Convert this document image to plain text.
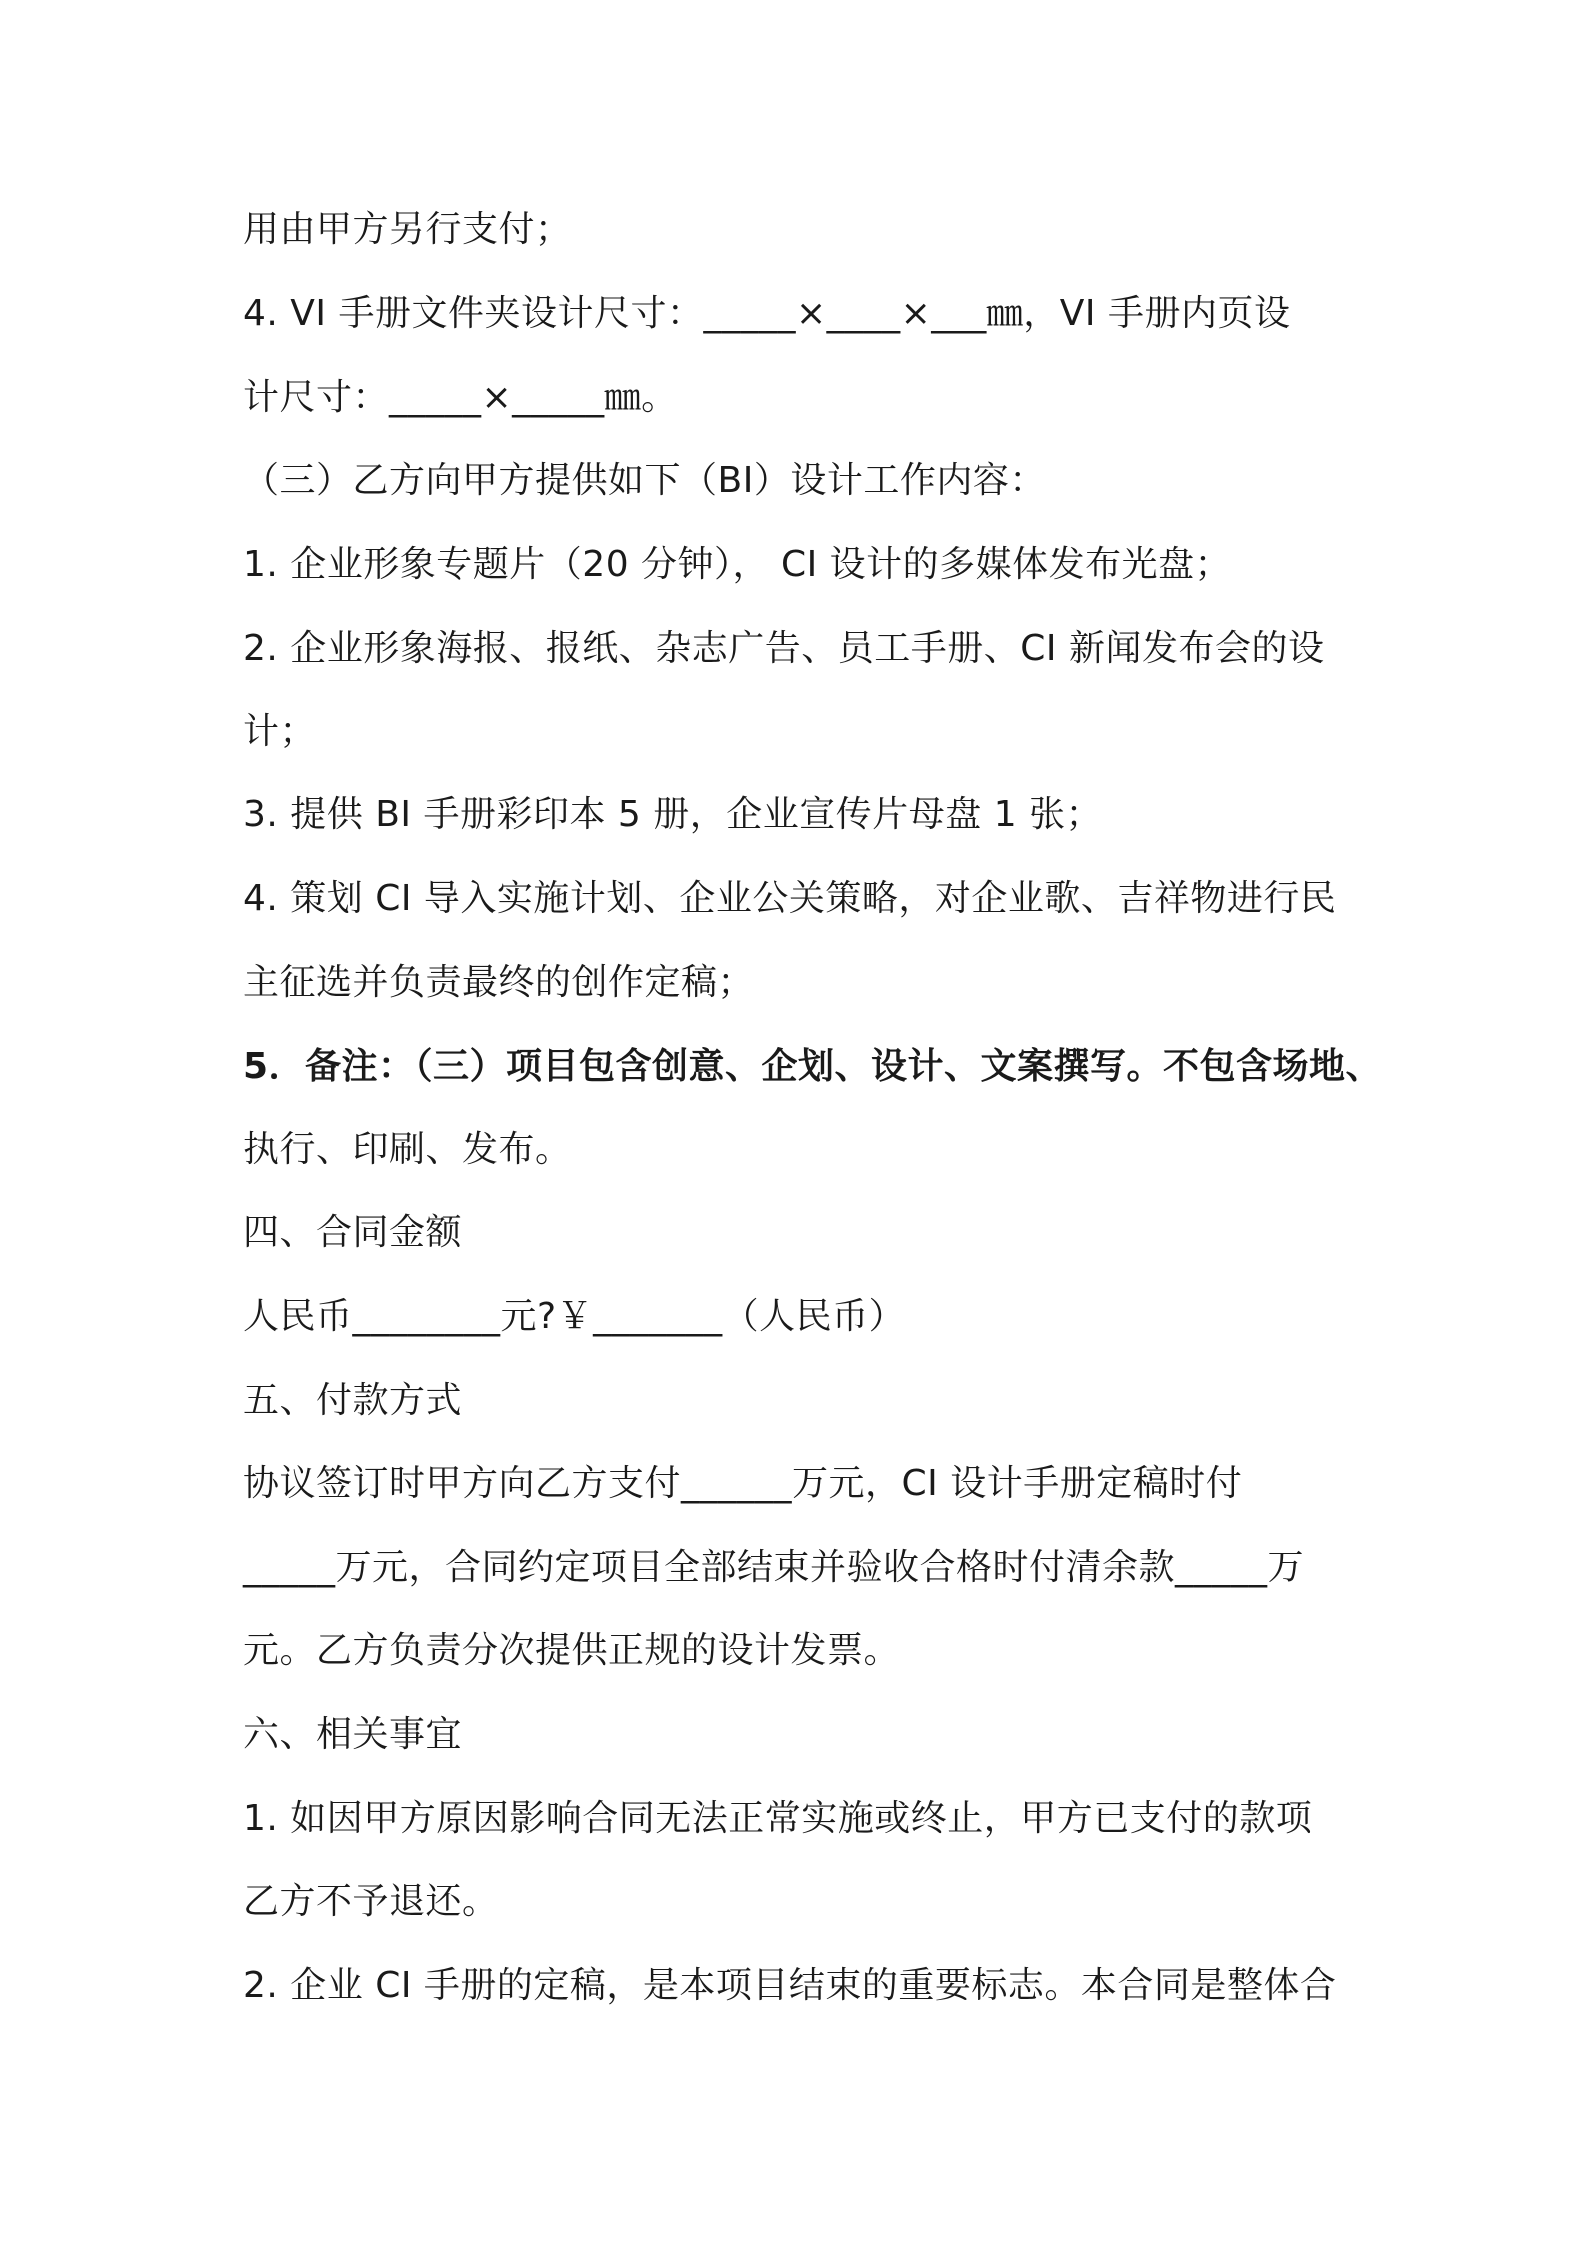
用由甲方另行支付；
4. VI 手册文件夹设计尺寸：_____×____×___㎜，VI 手册内页设
计尺寸：_____×_____㎜。
（三）乙方向甲方提供如下（BI）设计工作内容：
1. 企业形象专题片（20 分钟）， CI 设计的多媒体发布光盘；
2. 企业形象海报、报纸、杂志广告、员工手册、CI 新闻发布会的设
计；
3. 提供 BI 手册彩印本 5 册，企业宣传片母盘 1 张；
4. 策划 CI 导入实施计划、企业公关策略，对企业歌、吉祥物进行民
主征选并负责最终的创作定稿；
5．备注：（三）项目包含创意、企划、设计、文案撰写。不包含场地、
执行、印刷、发布。
四、合同金额
人民币________元?￥_______（人民币）
五、付款方式
协议签订时甲方向乙方支付______万元，CI 设计手册定稿时付
_____万元，合同约定项目全部结束并验收合格时付清余款_____万
元。乙方负责分次提供正规的设计发票。
六、相关事宜
1. 如因甲方原因影响合同无法正常实施或终止，甲方已支付的款项
乙方不予退还。
2. 企业 CI 手册的定稿，是本项目结束的重要标志。本合同是整体合
